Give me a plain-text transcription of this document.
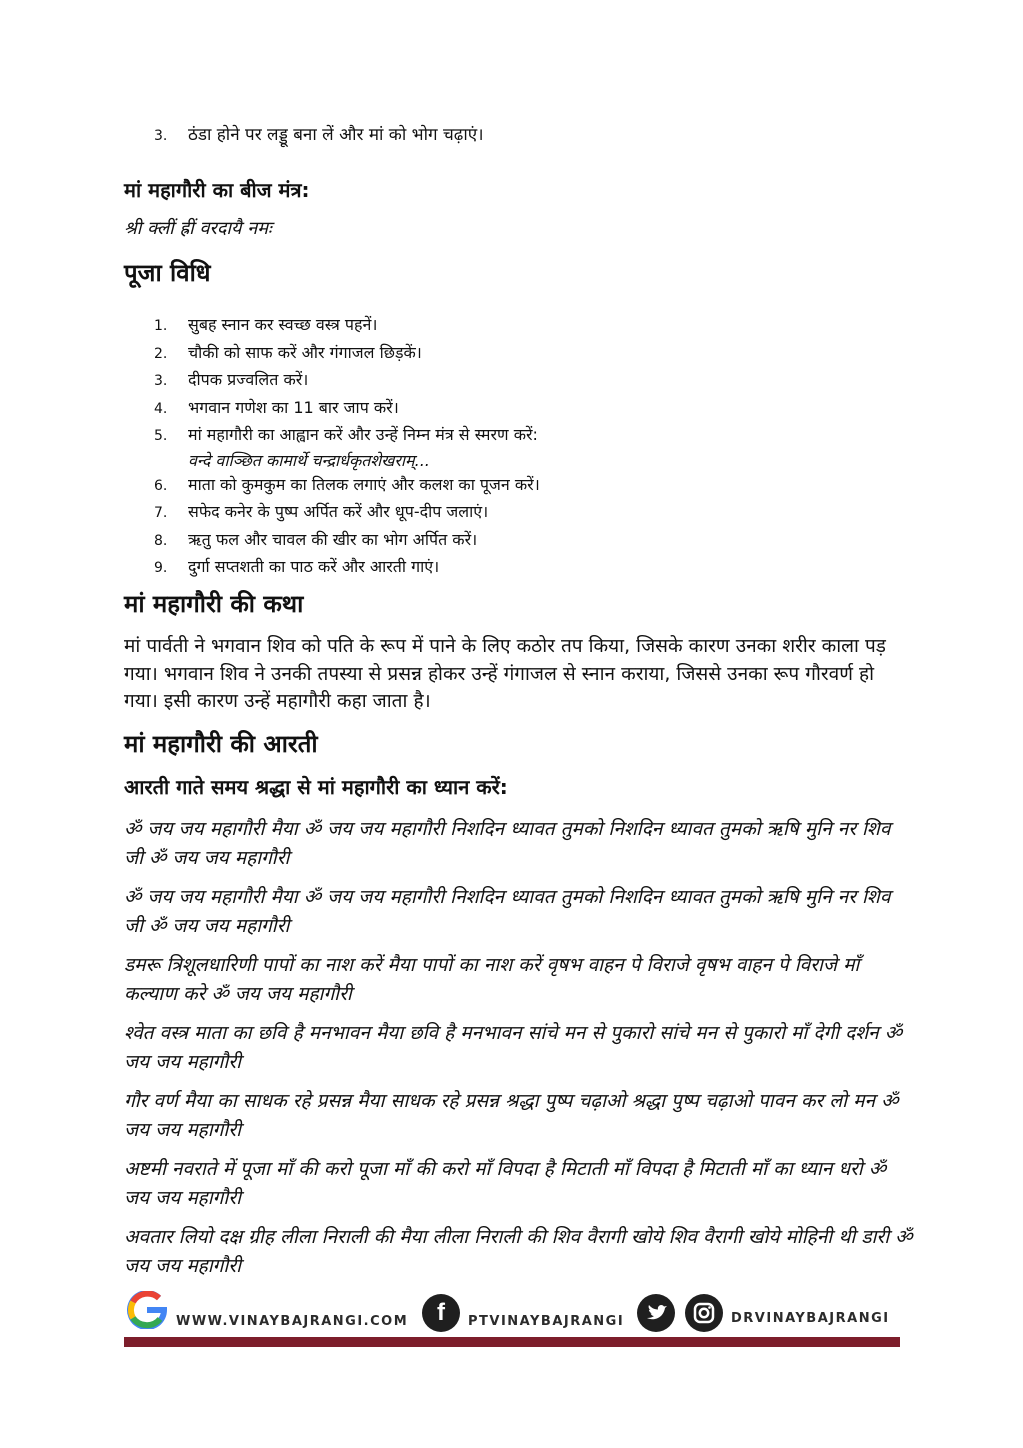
3. ठंडा होने पर लड्डू बना लें और मां को भोग चढ़ाएं।
मां महागौरी का बीज मंत्र:
श्री क्लीं ह्रीं वरदायै नमः
पूजा विधि
1. सुबह स्नान कर स्वच्छ वस्त्र पहनें।
2. चौकी को साफ करें और गंगाजल छिड़कें।
3. दीपक प्रज्वलित करें।
4. भगवान गणेश का 11 बार जाप करें।
5. मां महागौरी का आह्वान करें और उन्हें निम्न मंत्र से स्मरण करें:
वन्दे वाञ्छित कामार्थे चन्द्रार्धकृतशेखराम्...
6. माता को कुमकुम का तिलक लगाएं और कलश का पूजन करें।
7. सफेद कनेर के पुष्प अर्पित करें और धूप-दीप जलाएं।
8. ऋतु फल और चावल की खीर का भोग अर्पित करें।
9. दुर्गा सप्तशती का पाठ करें और आरती गाएं।
मां महागौरी की कथा
मां पार्वती ने भगवान शिव को पति के रूप में पाने के लिए कठोर तप किया, जिसके कारण उनका शरीर काला पड़ गया। भगवान शिव ने उनकी तपस्या से प्रसन्न होकर उन्हें गंगाजल से स्नान कराया, जिससे उनका रूप गौरवर्ण हो गया। इसी कारण उन्हें महागौरी कहा जाता है।
मां महागौरी की आरती
आरती गाते समय श्रद्धा से मां महागौरी का ध्यान करें:

ॐ जय जय महागौरी मैया ॐ जय जय महागौरी निशदिन ध्यावत तुमको निशदिन ध्यावत तुमको ऋषि मुनि नर शिव जी ॐ जय जय महागौरी

ॐ जय जय महागौरी मैया ॐ जय जय महागौरी निशदिन ध्यावत तुमको निशदिन ध्यावत तुमको ऋषि मुनि नर शिव जी ॐ जय जय महागौरी

डमरू त्रिशूलधारिणी पापों का नाश करें मैया पापों का नाश करें वृषभ वाहन पे विराजे वृषभ वाहन पे विराजे माँ कल्याण करे ॐ जय जय महागौरी

श्वेत वस्त्र माता का छवि है मनभावन मैया छवि है मनभावन सांचे मन से पुकारो सांचे मन से पुकारो माँ देगी दर्शन ॐ जय जय महागौरी

गौर वर्ण मैया का साधक रहे प्रसन्न मैया साधक रहे प्रसन्न श्रद्धा पुष्प चढ़ाओ श्रद्धा पुष्प चढ़ाओ पावन कर लो मन ॐ जय जय महागौरी

अष्टमी नवराते में पूजा माँ की करो पूजा माँ की करो माँ विपदा है मिटाती माँ विपदा है मिटाती माँ का ध्यान धरो ॐ जय जय महागौरी

अवतार लियो दक्ष ग्रीह लीला निराली की मैया लीला निराली की शिव वैरागी खोये शिव वैरागी खोये मोहिनी थी डारी ॐ जय जय महागौरी

WWW.VINAYBAJRANGI.COM	f	PTVINAYBAJRANGI	DRVINAYBAJRANGI
